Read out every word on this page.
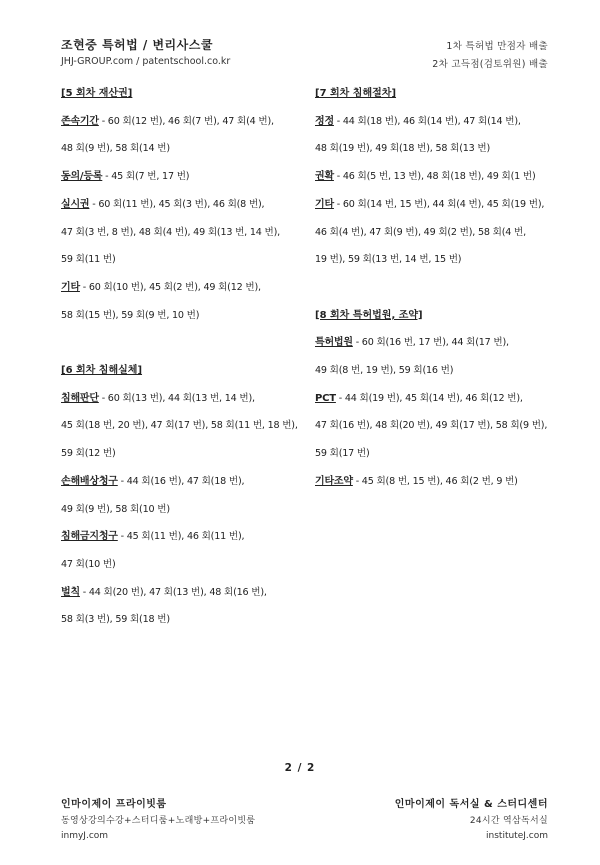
조현중 특허법 / 변리사스쿨
JHJ-GROUP.com / patentschool.co.kr
1차 특허법 만점자 배출
2차 고득점(검토위원) 배출
[5 회차 재산권]
존속기간 - 60 회(12 번), 46 회(7 번), 47 회(4 번),
48 회(9 번), 58 회(14 번)
동의/등록 - 45 회(7 번, 17 번)
실시권 - 60 회(11 번), 45 회(3 번), 46 회(8 번),
47 회(3 번, 8 번), 48 회(4 번), 49 회(13 번, 14 번),
59 회(11 번)
기타 - 60 회(10 번), 45 회(2 번), 49 회(12 번),
58 회(15 번), 59 회(9 번, 10 번)
[6 회차 침해실체]
침해판단 - 60 회(13 번), 44 회(13 번, 14 번),
45 회(18 번, 20 번), 47 회(17 번), 58 회(11 번, 18 번),
59 회(12 번)
손해배상청구 - 44 회(16 번), 47 회(18 번),
49 회(9 번), 58 회(10 번)
침해금지청구 - 45 회(11 번), 46 회(11 번),
47 회(10 번)
벌칙 - 44 회(20 번), 47 회(13 번), 48 회(16 번),
58 회(3 번), 59 회(18 번)
[7 회차 침해절차]
정정 - 44 회(18 번), 46 회(14 번), 47 회(14 번),
48 회(19 번), 49 회(18 번), 58 회(13 번)
권확 - 46 회(5 번, 13 번), 48 회(18 번), 49 회(1 번)
기타 - 60 회(14 번, 15 번), 44 회(4 번), 45 회(19 번),
46 회(4 번), 47 회(9 번), 49 회(2 번), 58 회(4 번,
19 번), 59 회(13 번, 14 번, 15 번)
[8 회차 특허법원, 조약]
특허법원 - 60 회(16 번, 17 번), 44 회(17 번),
49 회(8 번, 19 번), 59 회(16 번)
PCT - 44 회(19 번), 45 회(14 번), 46 회(12 번),
47 회(16 번), 48 회(20 번), 49 회(17 번), 58 회(9 번),
59 회(17 번)
기타조약 - 45 회(8 번, 15 번), 46 회(2 번, 9 번)
2 / 2
인마이제이 프라이빗룸
동영상강의수강+스터디룸+노래방+프라이빗룸
inmyJ.com
인마이제이 독서실 & 스터디센터
24시간 역삼독서실
instituteJ.com
